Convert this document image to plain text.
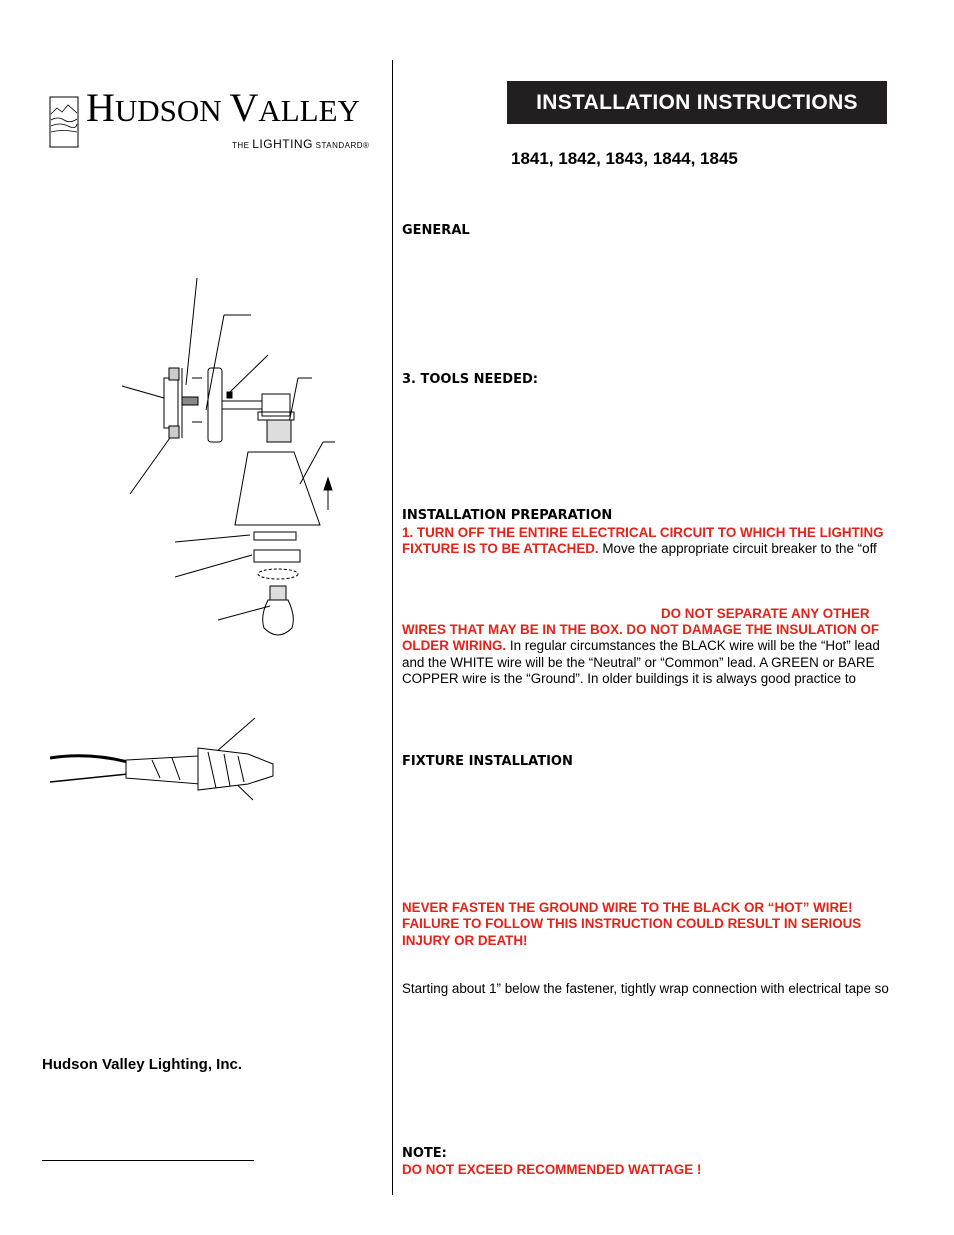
HUDSON VALLEY
THE LIGHTING STANDARD®
INSTALLATION INSTRUCTIONS
1841, 1842, 1843, 1844, 1845
GENERAL
3. TOOLS NEEDED:
INSTALLATION PREPARATION
1. TURN OFF THE ENTIRE ELECTRICAL CIRCUIT TO WHICH THE LIGHTING
FIXTURE IS TO BE ATTACHED. Move the appropriate circuit breaker to the “off
DO NOT SEPARATE ANY OTHER
WIRES THAT MAY BE IN THE BOX. DO NOT DAMAGE THE INSULATION OF
OLDER WIRING. In regular circumstances the BLACK wire will be the “Hot” lead
and the WHITE wire will be the “Neutral” or “Common” lead. A GREEN or BARE
COPPER wire is the “Ground”. In older buildings it is always good practice to
FIXTURE INSTALLATION
NEVER FASTEN THE GROUND WIRE TO THE BLACK OR “HOT” WIRE!
FAILURE TO FOLLOW THIS INSTRUCTION COULD RESULT IN SERIOUS
INJURY OR DEATH!
Starting about 1” below the fastener, tightly wrap connection with electrical tape so
NOTE:
DO NOT EXCEED RECOMMENDED WATTAGE !
Hudson Valley Lighting, Inc.
